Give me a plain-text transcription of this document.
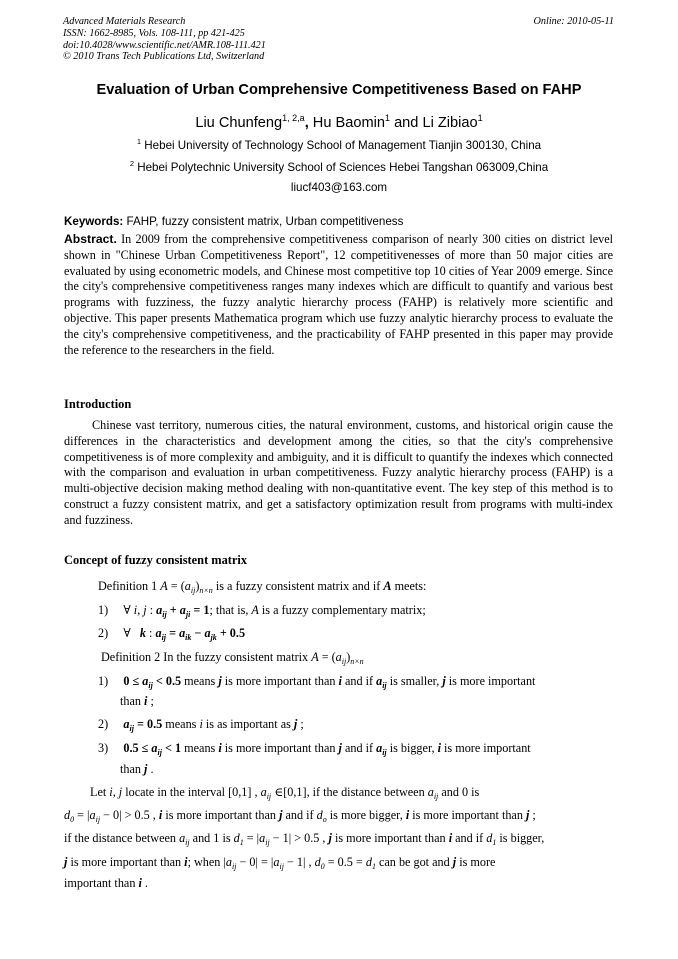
Advanced Materials Research
ISSN: 1662-8985, Vols. 108-111, pp 421-425
doi:10.4028/www.scientific.net/AMR.108-111.421
© 2010 Trans Tech Publications Ltd, Switzerland
Online: 2010-05-11
Evaluation of Urban Comprehensive Competitiveness Based on FAHP
Liu Chunfeng$^{1, 2,a}$, Hu Baomin$^1$ and Li Zibiao$^1$
$^1$ Hebei University of Technology School of Management Tianjin 300130, China
$^2$ Hebei Polytechnic University School of Sciences Hebei Tangshan 063009,China
liucf403@163.com
Keywords: FAHP, fuzzy consistent matrix, Urban competitiveness

Abstract. In 2009 from the comprehensive competitiveness comparison of nearly 300 cities on district level shown in "Chinese Urban Competitiveness Report", 12 competitivenesses of more than 50 major cities are evaluated by using econometric models, and Chinese most competitive top 10 cities of Year 2009 emerge. Since the city's comprehensive competitiveness ranges many indexes which are difficult to quantify and various best programs with fuzziness, the fuzzy analytic hierarchy process (FAHP) is relatively more scientific and objective. This paper presents Mathematica program which use fuzzy analytic hierarchy process to evaluate the the city's comprehensive competitiveness, and the practicability of FAHP presented in this paper may provide the reference to the researchers in the field.

Introduction

Chinese vast territory, numerous cities, the natural environment, customs, and historical origin cause the differences in the characteristics and development among the cities, so that the city's comprehensive competitiveness is of more complexity and ambiguity, and it is difficult to quantify the indexes which connected with the comparison and evaluation in urban competitiveness. Fuzzy analytic hierarchy process (FAHP) is a multi-objective decision making method dealing with non-quantitative event. The key step of this method is to construct a fuzzy consistent matrix, and get a satisfactory optimization result from programs with multi-index and fuzziness.

Concept of fuzzy consistent matrix
Definition 1 $A = (a_{ij})_{n\times n}$ is a fuzzy consistent matrix and if A meets:
1)     ∀ i, j : $a_{ij} + a_{ji} = 1$; that is, A is a fuzzy complementary matrix;
2)     ∀   k : $a_{ij} = a_{ik} - a_{jk} + 0.5$
Definition 2 In the fuzzy consistent matrix $A = (a_{ij})_{n\times n}$
1) $0 \le a_{ij} < 0.5$ means j is more important than i and if $a_{ij}$ is smaller, j is more important
than i ;
2) $a_{ij} = 0.5$ means i is as important as j ;
3) $0.5 \le a_{ij} < 1$ means i is more important than j and if $a_{ij}$ is bigger, i is more important
than j .
Let i, j locate in the interval [0,1] , $a_{ij}$ ∈[0,1], if the distance between $a_{ij}$ and 0 is
$d_0 = |a_{ij} - 0| > 0.5$ , i is more important than j and if $d_o$ is more bigger, i is more important than j ;
if the distance between $a_{ij}$ and 1 is $d_1 = |a_{ij} - 1| > 0.5$ , j is more important than i and if $d_1$ is bigger,
j is more important than i; when $|a_{ij} - 0| = |a_{ij} - 1|$ , $d_0 = 0.5 = d_1$ can be got and j is more
important than i .
